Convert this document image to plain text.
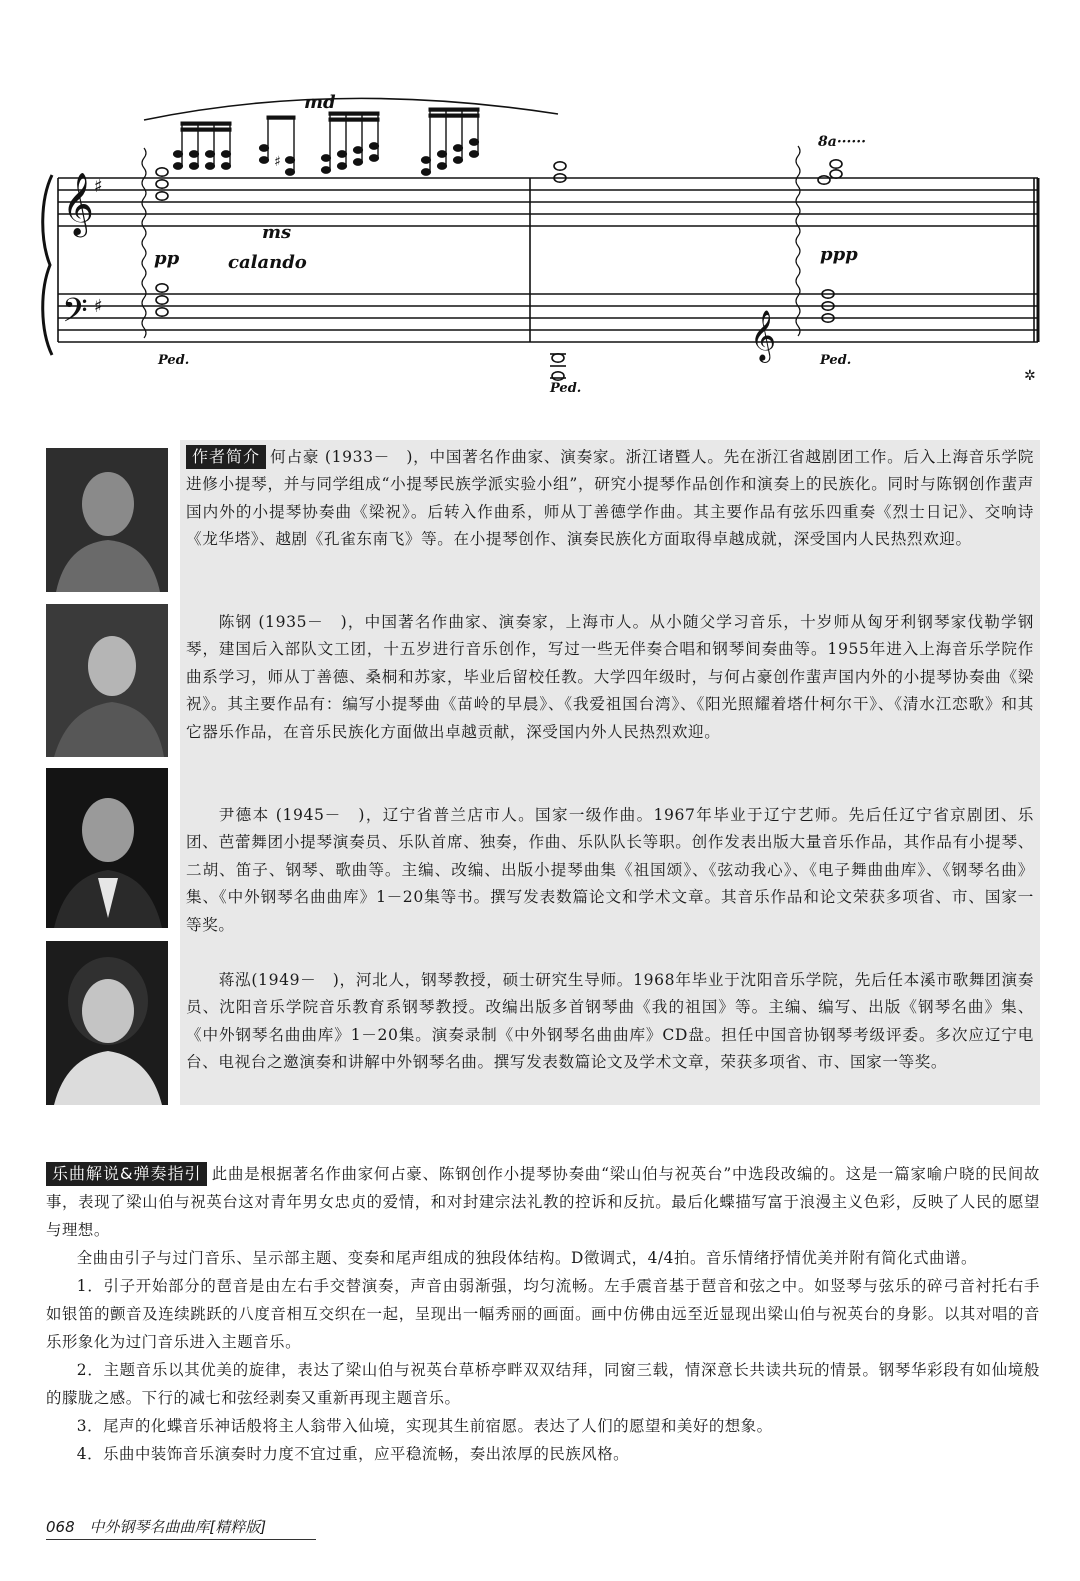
𝄞
𝄢
♯
♯
𝄞
♯
md
ms
pp	calando	ppp
8a······
Ped.
Ped.
Ped.
✲

作者简介 何占豪 (1933－　)，中国著名作曲家、演奏家。浙江诸暨人。先在浙江省越剧团工作。后入上海音乐学院进修小提琴，并与同学组成“小提琴民族学派实验小组”，研究小提琴作品创作和演奏上的民族化。同时与陈钢创作蜚声国内外的小提琴协奏曲《梁祝》。后转入作曲系，师从丁善德学作曲。其主要作品有弦乐四重奏《烈士日记》、交响诗《龙华塔》、越剧《孔雀东南飞》等。在小提琴创作、演奏民族化方面取得卓越成就，深受国内人民热烈欢迎。

陈钢 (1935－　)，中国著名作曲家、演奏家，上海市人。从小随父学习音乐，十岁师从匈牙利钢琴家伐勒学钢琴，建国后入部队文工团，十五岁进行音乐创作，写过一些无伴奏合唱和钢琴间奏曲等。1955年进入上海音乐学院作曲系学习，师从丁善德、桑桐和苏家，毕业后留校任教。大学四年级时，与何占豪创作蜚声国内外的小提琴协奏曲《梁祝》。其主要作品有：编写小提琴曲《苗岭的早晨》、《我爱祖国台湾》、《阳光照耀着塔什柯尔干》、《清水江恋歌》和其它器乐作品，在音乐民族化方面做出卓越贡献，深受国内外人民热烈欢迎。

尹德本 (1945－　)，辽宁省普兰店市人。国家一级作曲。1967年毕业于辽宁艺师。先后任辽宁省京剧团、乐团、芭蕾舞团小提琴演奏员、乐队首席、独奏，作曲、乐队队长等职。创作发表出版大量音乐作品，其作品有小提琴、二胡、笛子、钢琴、歌曲等。主编、改编、出版小提琴曲集《祖国颂》、《弦动我心》、《电子舞曲曲库》、《钢琴名曲》集、《中外钢琴名曲曲库》1－20集等书。撰写发表数篇论文和学术文章。其音乐作品和论文荣获多项省、市、国家一等奖。

蒋泓(1949－　)，河北人，钢琴教授，硕士研究生导师。1968年毕业于沈阳音乐学院，先后任本溪市歌舞团演奏员、沈阳音乐学院音乐教育系钢琴教授。改编出版多首钢琴曲《我的祖国》等。主编、编写、出版《钢琴名曲》集、《中外钢琴名曲曲库》1－20集。演奏录制《中外钢琴名曲曲库》CD盘。担任中国音协钢琴考级评委。多次应辽宁电台、电视台之邀演奏和讲解中外钢琴名曲。撰写发表数篇论文及学术文章，荣获多项省、市、国家一等奖。

乐曲解说&弹奏指引 此曲是根据著名作曲家何占豪、陈钢创作小提琴协奏曲“梁山伯与祝英台”中选段改编的。这是一篇家喻户晓的民间故事，表现了梁山伯与祝英台这对青年男女忠贞的爱情，和对封建宗法礼教的控诉和反抗。最后化蝶描写富于浪漫主义色彩，反映了人民的愿望与理想。

全曲由引子与过门音乐、呈示部主题、变奏和尾声组成的独段体结构。D徵调式，4/4拍。音乐情绪抒情优美并附有简化式曲谱。

1．引子开始部分的琶音是由左右手交替演奏，声音由弱渐强，均匀流畅。左手震音基于琶音和弦之中。如竖琴与弦乐的碎弓音衬托右手如银笛的颤音及连续跳跃的八度音相互交织在一起，呈现出一幅秀丽的画面。画中仿佛由远至近显现出梁山伯与祝英台的身影。以其对唱的音乐形象化为过门音乐进入主题音乐。

2．主题音乐以其优美的旋律，表达了梁山伯与祝英台草桥亭畔双双结拜，同窗三载，情深意长共读共玩的情景。钢琴华彩段有如仙境般的朦胧之感。下行的减七和弦经剥奏又重新再现主题音乐。

3．尾声的化蝶音乐神话般将主人翁带入仙境，实现其生前宿愿。表达了人们的愿望和美好的想象。

4．乐曲中装饰音乐演奏时力度不宜过重，应平稳流畅，奏出浓厚的民族风格。

068 中外钢琴名曲曲库[精粹版]
